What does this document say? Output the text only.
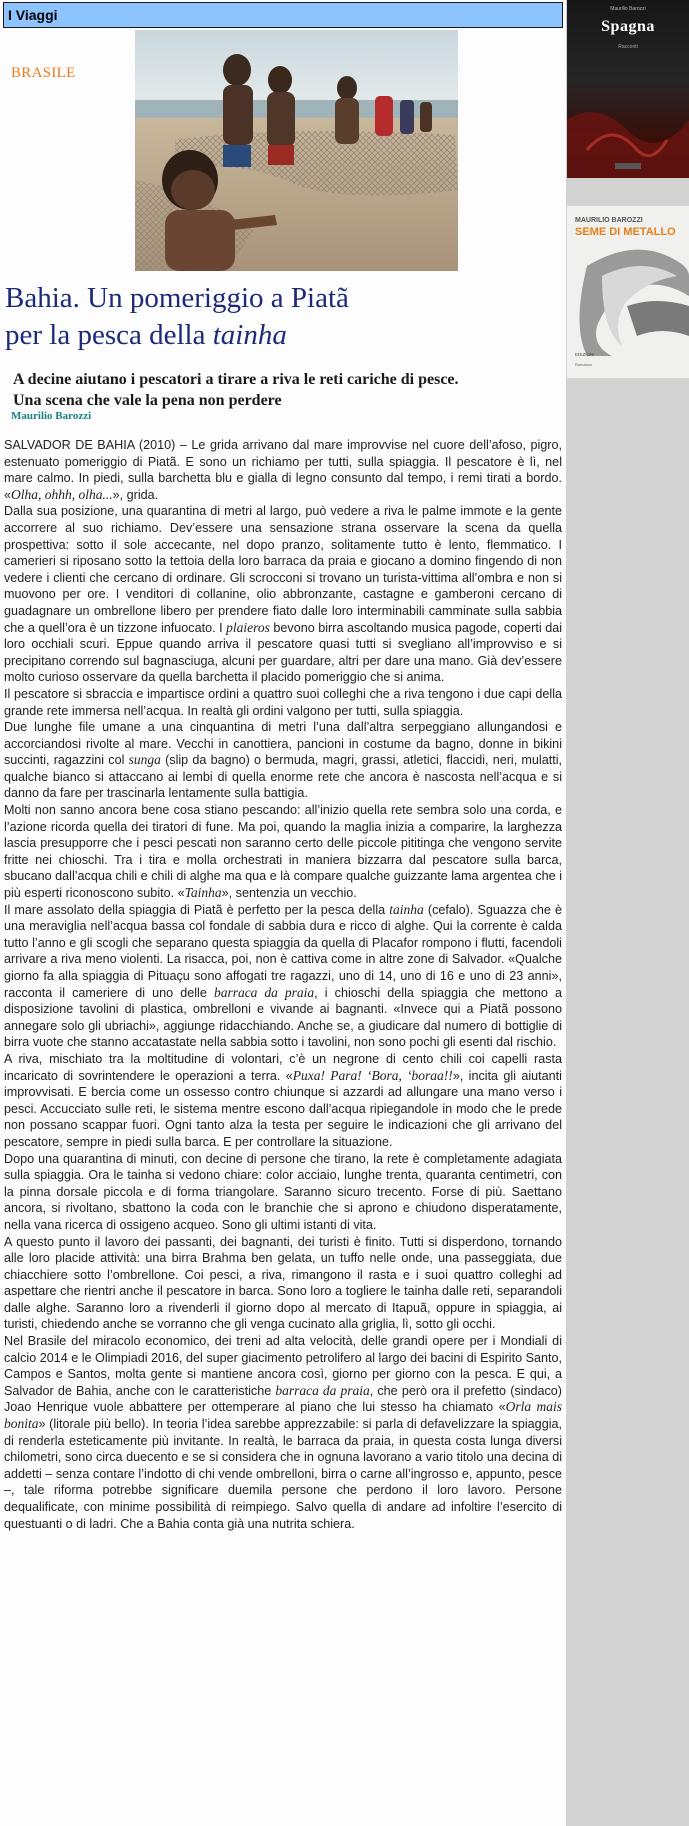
I Viaggi
BRASILE
Bahia. Un pomeriggio a Piatã
per la pesca della tainha
A decine aiutano i pescatori a tirare a riva le reti cariche di pesce.
Una scena che vale la pena non perdere
Maurilio Barozzi

SALVADOR DE BAHIA (2010) – Le grida arrivano dal mare improvvise nel cuore dell’afoso, pigro, estenuato pomeriggio di Piatã. E sono un richiamo per tutti, sulla spiaggia. Il pescatore è lì, nel mare calmo. In piedi, sulla barchetta blu e gialla di legno consunto dal tempo, i remi tirati a bordo. «Olha, ohhh, olha...», grida.

Dalla sua posizione, una quarantina di metri al largo, può vedere a riva le palme immote e la gente accorrere al suo richiamo. Dev’essere una sensazione strana osservare la scena da quella prospettiva: sotto il sole accecante, nel dopo pranzo, solitamente tutto è lento, flemmatico. I camerieri si riposano sotto la tettoia della loro barraca da praia e giocano a domino fingendo di non vedere i clienti che cercano di ordinare. Gli scrocconi si trovano un turista-vittima all’ombra e non si muovono per ore. I venditori di collanine, olio abbronzante, castagne e gamberoni cercano di guadagnare un ombrellone libero per prendere fiato dalle loro interminabili camminate sulla sabbia che a quell’ora è un tizzone infuocato. I plaieros bevono birra ascoltando musica pagode, coperti dai loro occhiali scuri. Eppue quando arriva il pescatore quasi tutti si svegliano all’improvviso e si precipitano correndo sul bagnasciuga, alcuni per guardare, altri per dare una mano. Già dev’essere molto curioso osservare da quella barchetta il placido pomeriggio che si anima.

Il pescatore si sbraccia e impartisce ordini a quattro suoi colleghi che a riva tengono i due capi della grande rete immersa nell’acqua. In realtà gli ordini valgono per tutti, sulla spiaggia.

Due lunghe file umane a una cinquantina di metri l’una dall’altra serpeggiano allungandosi e accorciandosi rivolte al mare. Vecchi in canottiera, pancioni in costume da bagno, donne in bikini succinti, ragazzini col sunga (slip da bagno) o bermuda, magri, grassi, atletici, flaccidi, neri, mulatti, qualche bianco si attaccano ai lembi di quella enorme rete che ancora è nascosta nell’acqua e si danno da fare per trascinarla lentamente sulla battigia.

Molti non sanno ancora bene cosa stiano pescando: all’inizio quella rete sembra solo una corda, e l’azione ricorda quella dei tiratori di fune. Ma poi, quando la maglia inizia a comparire, la larghezza lascia presupporre che i pesci pescati non saranno certo delle piccole pititinga che vengono servite fritte nei chioschi. Tra i tira e molla orchestrati in maniera bizzarra dal pescatore sulla barca, sbucano dall’acqua chili e chili di alghe ma qua e là compare qualche guizzante lama argentea che i più esperti riconoscono subito. «Tainha», sentenzia un vecchio.

Il mare assolato della spiaggia di Piatã è perfetto per la pesca della tainha (cefalo). Sguazza che è una meraviglia nell’acqua bassa col fondale di sabbia dura e ricco di alghe. Qui la corrente è calda tutto l’anno e gli scogli che separano questa spiaggia da quella di Placafor rompono i flutti, facendoli arrivare a riva meno violenti. La risacca, poi, non è cattiva come in altre zone di Salvador. «Qualche giorno fa alla spiaggia di Pituaçu sono affogati tre ragazzi, uno di 14, uno di 16 e uno di 23 anni», racconta il cameriere di uno delle barraca da praia, i chioschi della spiaggia che mettono a disposizione tavolini di plastica, ombrelloni e vivande ai bagnanti. «Invece qui a Piatã possono annegare solo gli ubriachi», aggiunge ridacchiando. Anche se, a giudicare dal numero di bottiglie di birra vuote che stanno accatastate nella sabbia sotto i tavolini, non sono pochi gli esenti dal rischio.

A riva, mischiato tra la moltitudine di volontari, c’è un negrone di cento chili coi capelli rasta incaricato di sovrintendere le operazioni a terra. «Puxa! Para! ‘Bora, ‘boraa!!», incita gli aiutanti improvvisati. E bercia come un ossesso contro chiunque si azzardi ad allungare una mano verso i pesci. Accucciato sulle reti, le sistema mentre escono dall’acqua ripiegandole in modo che le prede non possano scappar fuori. Ogni tanto alza la testa per seguire le indicazioni che gli arrivano del pescatore, sempre in piedi sulla barca. E per controllare la situazione.

Dopo una quarantina di minuti, con decine di persone che tirano, la rete è completamente adagiata sulla spiaggia. Ora le tainha si vedono chiare: color acciaio, lunghe trenta, quaranta centimetri, con la pinna dorsale piccola e di forma triangolare. Saranno sicuro trecento. Forse di più. Saettano ancora, si rivoltano, sbattono la coda con le branchie che si aprono e chiudono disperatamente, nella vana ricerca di ossigeno acqueo. Sono gli ultimi istanti di vita.

A questo punto il lavoro dei passanti, dei bagnanti, dei turisti è finito. Tutti si disperdono, tornando alle loro placide attività: una birra Brahma ben gelata, un tuffo nelle onde, una passeggiata, due chiacchiere sotto l’ombrellone. Coi pesci, a riva, rimangono il rasta e i suoi quattro colleghi ad aspettare che rientri anche il pescatore in barca. Sono loro a togliere le tainha dalle reti, separandoli dalle alghe. Saranno loro a rivenderli il giorno dopo al mercato di Itapuã, oppure in spiaggia, ai turisti, chiedendo anche se vorranno che gli venga cucinato alla griglia, lì, sotto gli occhi.

Nel Brasile del miracolo economico, dei treni ad alta velocità, delle grandi opere per i Mondiali di calcio 2014 e le Olimpiadi 2016, del super giacimento petrolifero al largo dei bacini di Espirito Santo, Campos e Santos, molta gente si mantiene ancora così, giorno per giorno con la pesca. E qui, a Salvador de Bahia, anche con le caratteristiche barraca da praia, che però ora il prefetto (sindaco) Joao Henrique vuole abbattere per ottemperare al piano che lui stesso ha chiamato «Orla mais bonita» (litorale più bello). In teoria l’idea sarebbe apprezzabile: si parla di defavelizzare la spiaggia, di renderla esteticamente più invitante. In realtà, le barraca da praia, in questa costa lunga diversi chilometri, sono circa duecento e se si considera che in ognuna lavorano a vario titolo una decina di addetti – senza contare l’indotto di chi vende ombrelloni, birra o carne all’ingrosso e, appunto, pesce –, tale riforma potrebbe significare duemila persone che perdono il loro lavoro. Persone dequalificate, con minime possibilità di reimpiego. Salvo quella di andare ad infoltire l’esercito di questuanti o di ladri. Che a Bahia conta già una nutrita schiera.

Maurilio Barozzi
Spagna
Racconti
MAURILIO BAROZZI
SEME DI METALLO
EDIZIONI
Romanzo
